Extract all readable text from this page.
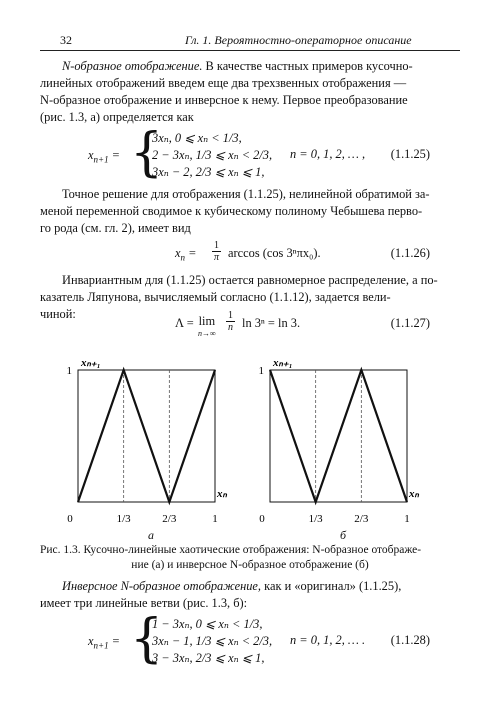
32	Гл. 1. Вероятностно-операторное описание
N-образное отображение. В качестве частных примеров кусочно-
линейных отображений введем еще два трехзвенных отображения —
N-образное отображение и инверсное к нему. Первое преобразование
(рис. 1.3, а) определяется как
$x_{n+1}$ = {
3xₙ, 0 ⩽ xₙ < 1/3,
2 − 3xₙ, 1/3 ⩽ xₙ < 2/3,
3xₙ − 2, 2/3 ⩽ xₙ ⩽ 1,
n = 0, 1, 2, … , (1.1.25)
Точное решение для отображения (1.1.25), нелинейной обратимой за-
меной переменной сводимое к кубическому полиному Чебышева перво-
го рода (см. гл. 2), имеет вид
$x_n = \frac{1}{\pi}$ arccos (cos 3ⁿπx₀).	(1.1.26)
Инвариантным для (1.1.25) остается равномерное распределение, а по-
казатель Ляпунова, вычисляемый согласно (1.1.12), задается вели-
чиной:
Λ = lim
n→∞
$\frac{1}{n}$ ln 3ⁿ = ln 3.	(1.1.27)
0	1/3	2/3	1
1
xₙ₊₁
xₙ
0	1/3	2/3	1
1
xₙ₊₁
xₙ
а	б
Рис. 1.3. Кусочно-линейные хаотические отображения: N-образное отображе-
ние (а) и инверсное N-образное отображение (б)
Инверсное N-образное отображение, как и «оригинал» (1.1.25),
имеет три линейные ветви (рис. 1.3, б):
$x_{n+1}$ = {
1 − 3xₙ, 0 ⩽ xₙ < 1/3,
3xₙ − 1, 1/3 ⩽ xₙ < 2/3,
3 − 3xₙ, 2/3 ⩽ xₙ ⩽ 1,
n = 0, 1, 2, … . (1.1.28)
